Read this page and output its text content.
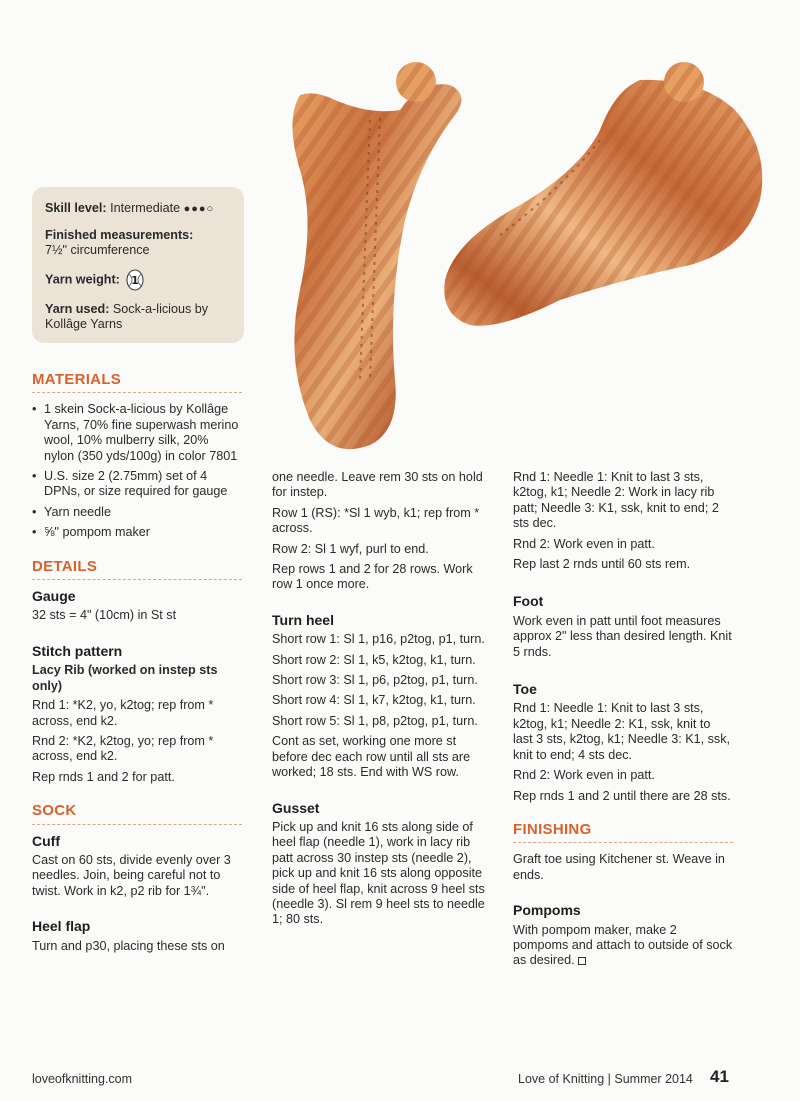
Skill level: Intermediate ●●●○
Finished measurements:
7½" circumference
Yarn weight: 1
Yarn used: Sock-a-licious by Kollâge Yarns
MATERIALS
• 1 skein Sock-a-licious by Kollâge Yarns, 70% fine superwash merino wool, 10% mulberry silk, 20% nylon (350 yds/100g) in color 7801
• U.S. size 2 (2.75mm) set of 4 DPNs, or size required for gauge
• Yarn needle
• ⅝" pompom maker
DETAILS
Gauge

32 sts = 4" (10cm) in St st

Stitch pattern
Lacy Rib (worked on instep sts only)

Rnd 1: *K2, yo, k2tog; rep from * across, end k2.

Rnd 2: *K2, k2tog, yo; rep from * across, end k2.

Rep rnds 1 and 2 for patt.

SOCK
Cuff

Cast on 60 sts, divide evenly over 3 needles. Join, being careful not to twist. Work in k2, p2 rib for 1¾".

Heel flap

Turn and p30, placing these sts on

one needle. Leave rem 30 sts on hold for instep.

Row 1 (RS): *Sl 1 wyb, k1; rep from * across.

Row 2: Sl 1 wyf, purl to end.

Rep rows 1 and 2 for 28 rows. Work row 1 once more.

Turn heel

Short row 1: Sl 1, p16, p2tog, p1, turn.

Short row 2: Sl 1, k5, k2tog, k1, turn.

Short row 3: Sl 1, p6, p2tog, p1, turn.

Short row 4: Sl 1, k7, k2tog, k1, turn.

Short row 5: Sl 1, p8, p2tog, p1, turn.

Cont as set, working one more st before dec each row until all sts are worked; 18 sts. End with WS row.

Gusset

Pick up and knit 16 sts along side of heel flap (needle 1), work in lacy rib patt across 30 instep sts (needle 2), pick up and knit 16 sts along opposite side of heel flap, knit across 9 heel sts (needle 3). Sl rem 9 heel sts to needle 1; 80 sts.

Rnd 1: Needle 1: Knit to last 3 sts, k2tog, k1; Needle 2: Work in lacy rib patt; Needle 3: K1, ssk, knit to end; 2 sts dec.

Rnd 2: Work even in patt.

Rep last 2 rnds until 60 sts rem.

Foot

Work even in patt until foot measures approx 2" less than desired length. Knit 5 rnds.

Toe

Rnd 1: Needle 1: Knit to last 3 sts, k2tog, k1; Needle 2: K1, ssk, knit to last 3 sts, k2tog, k1; Needle 3: K1, ssk, knit to end; 4 sts dec.

Rnd 2: Work even in patt.

Rep rnds 1 and 2 until there are 28 sts.

FINISHING

Graft toe using Kitchener st. Weave in ends.

Pompoms

With pompom maker, make 2 pompoms and attach to outside of sock as desired.

loveofknitting.com	Love of Knitting | Summer 2014 41
